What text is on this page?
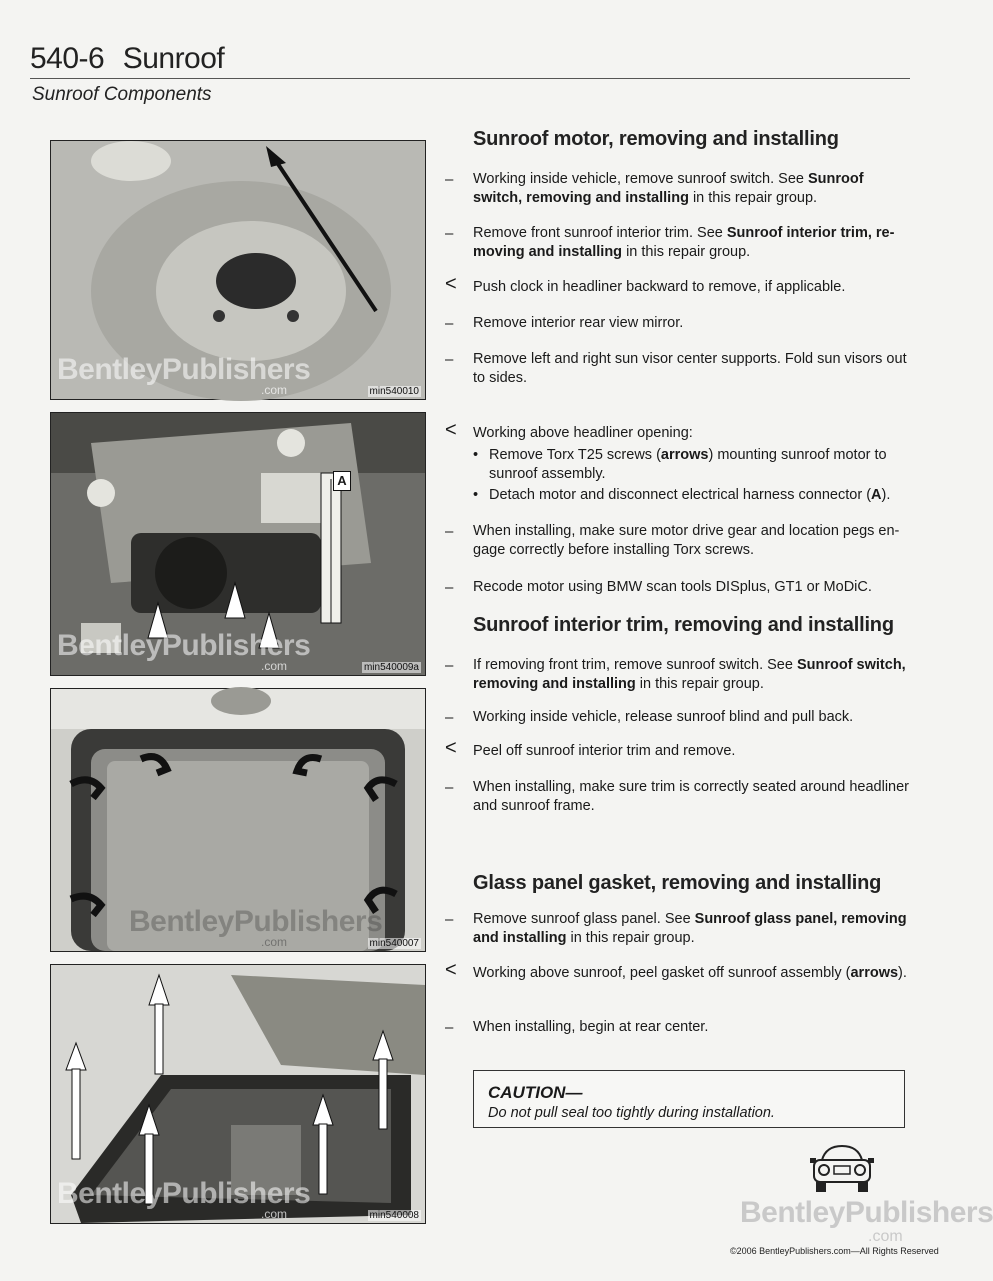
540-6 Sunroof
Sunroof Components
BentleyPublishers
.com	min540010
A
BentleyPublishers
.com	min540009a
BentleyPublishers
.com	min540007
BentleyPublishers
.com	min540008
Sunroof motor, removing and installing
–	Working inside vehicle, remove sunroof switch. See Sunroof switch, removing and installing in this repair group.
–	Remove front sunroof interior trim. See Sunroof interior trim, re-moving and installing in this repair group.
<	Push clock in headliner backward to remove, if applicable.
–	Remove interior rear view mirror.
–	Remove left and right sun visor center supports. Fold sun visors out to sides.
<	Working above headliner opening:
• Remove Torx T25 screws (arrows) mounting sunroof motor to sunroof assembly.
• Detach motor and disconnect electrical harness connector (A).
–	When installing, make sure motor drive gear and location pegs en-gage correctly before installing Torx screws.
–	Recode motor using BMW scan tools DISplus, GT1 or MoDiC.
Sunroof interior trim, removing and installing
–	If removing front trim, remove sunroof switch. See Sunroof switch, removing and installing in this repair group.
–	Working inside vehicle, release sunroof blind and pull back.
<	Peel off sunroof interior trim and remove.
–	When installing, make sure trim is correctly seated around headliner and sunroof frame.
Glass panel gasket, removing and installing
–	Remove sunroof glass panel. See Sunroof glass panel, removing and installing in this repair group.
<	Working above sunroof, peel gasket off sunroof assembly (arrows).
–	When installing, begin at rear center.
CAUTION—
Do not pull seal too tightly during installation.
BentleyPublishers
.com
©2006 BentleyPublishers.com—All Rights Reserved
